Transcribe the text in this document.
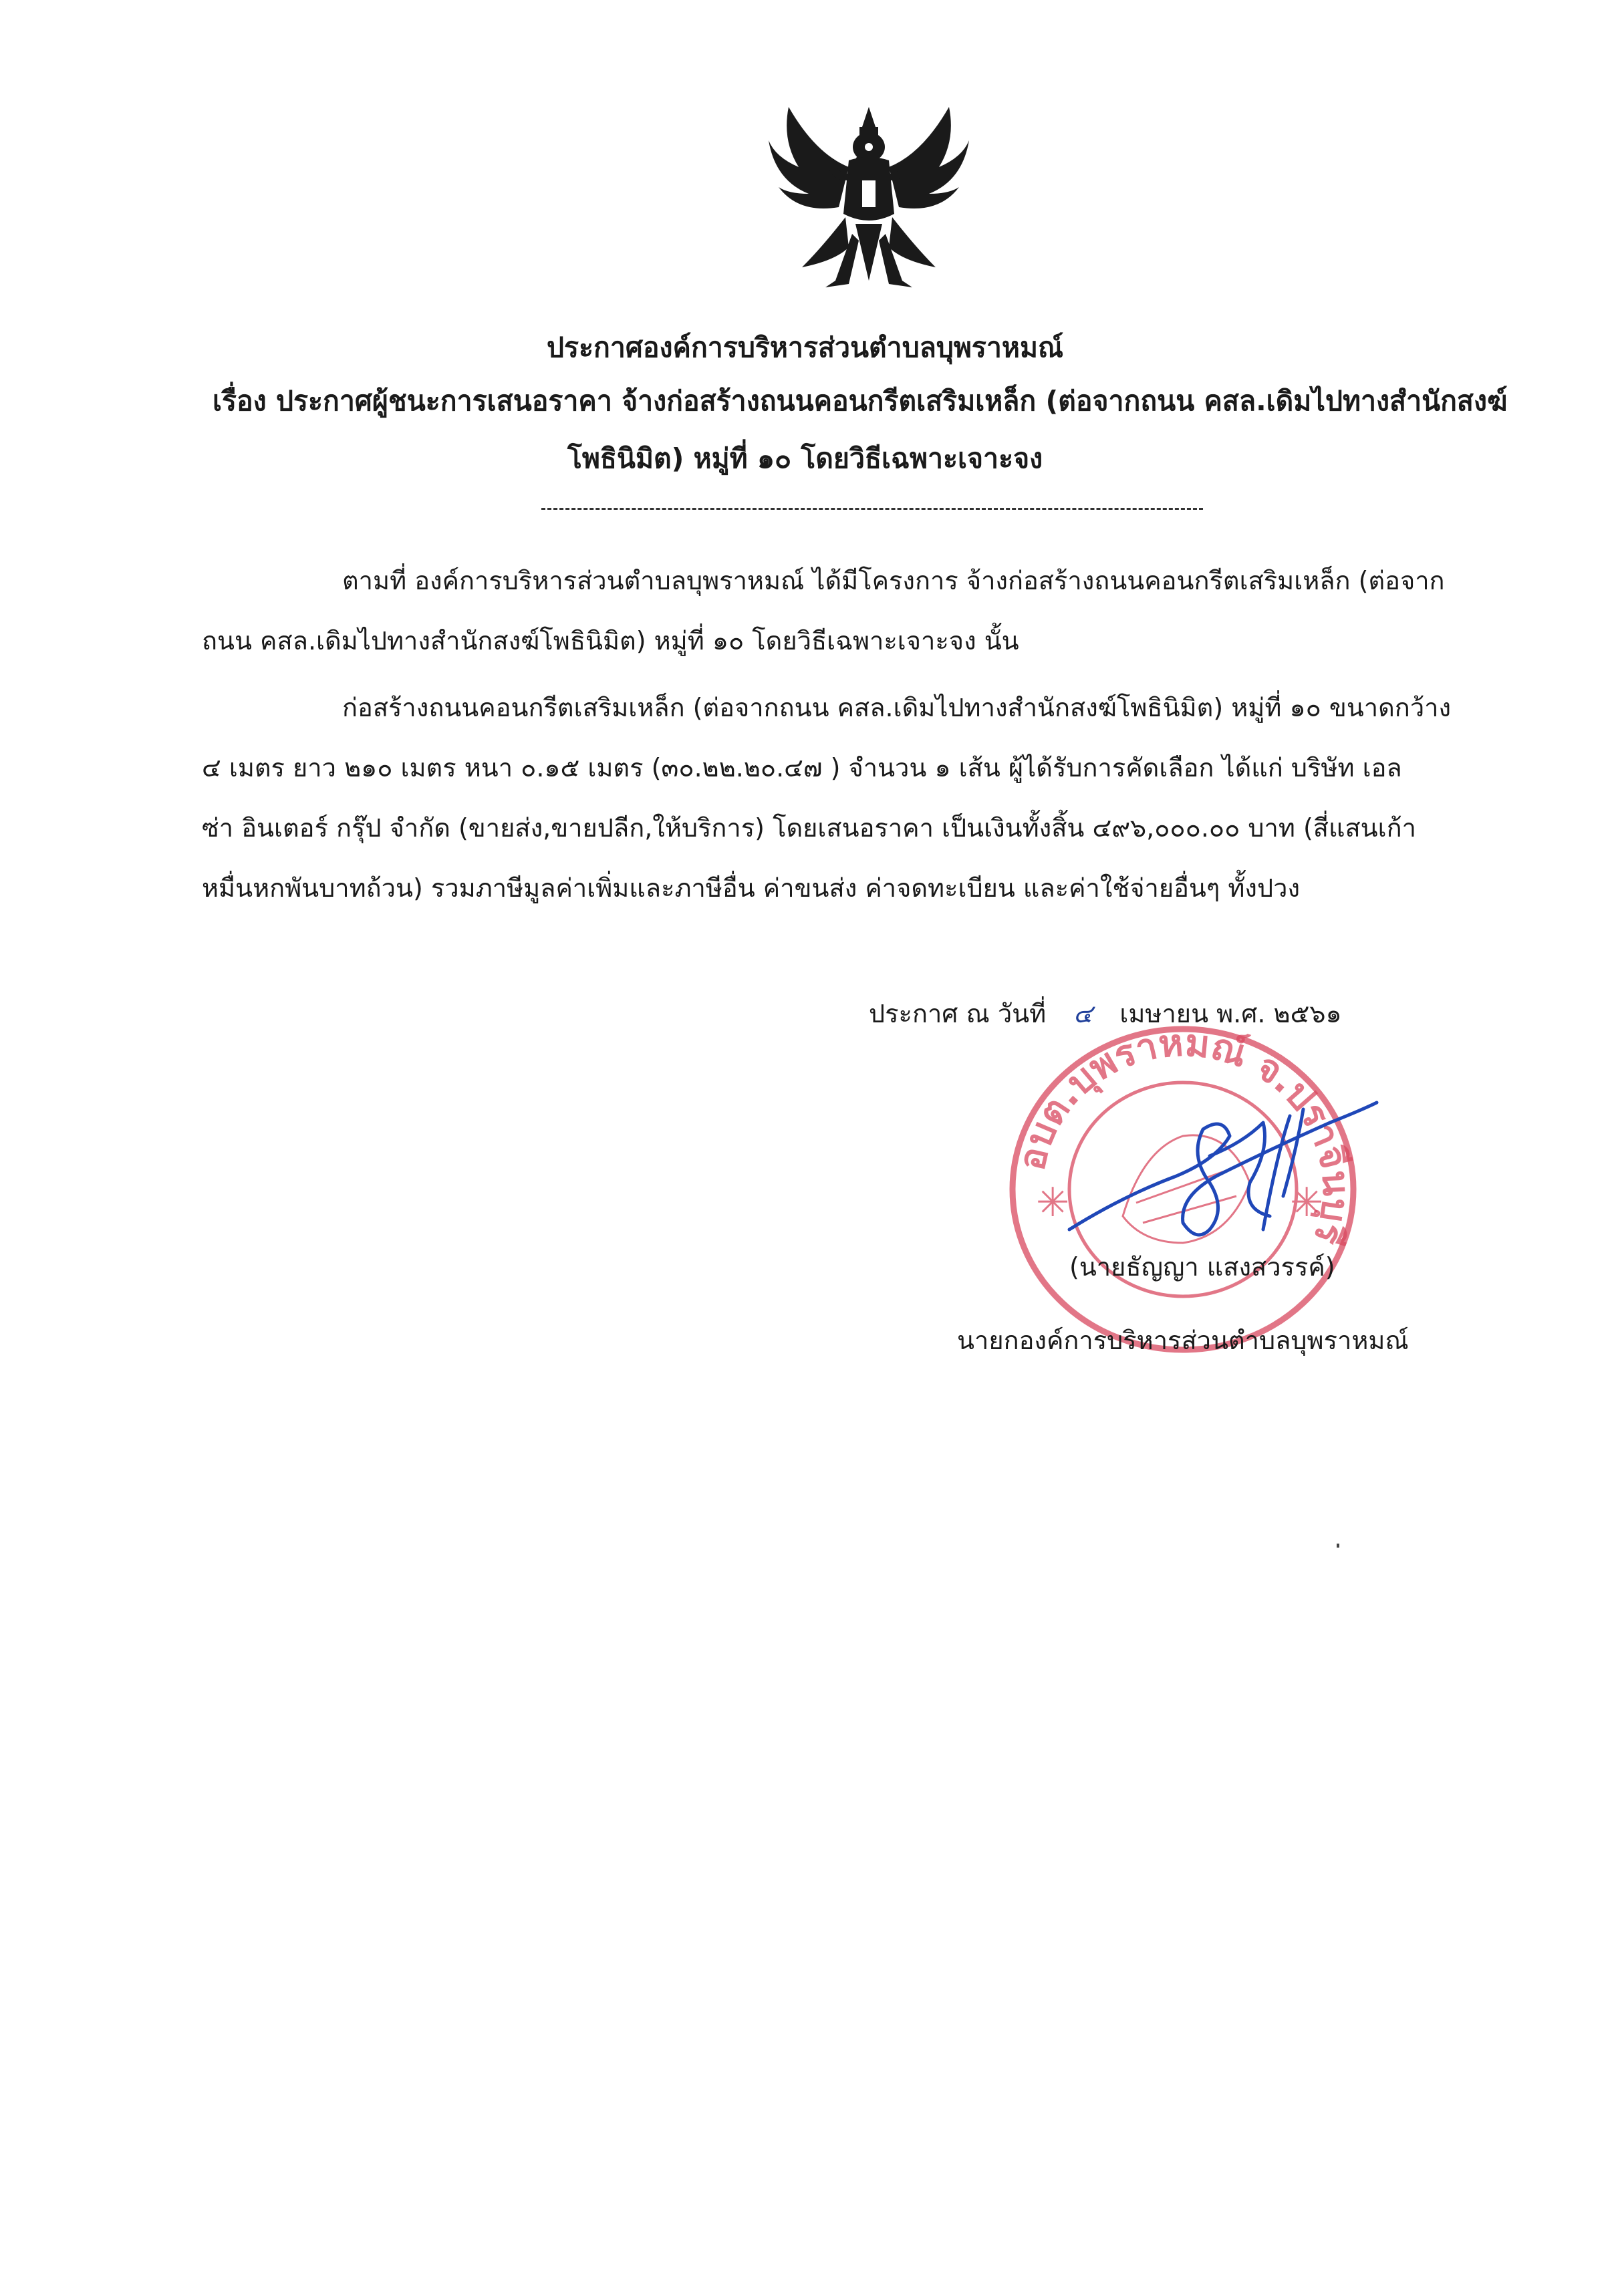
ประกาศองค์การบริหารส่วนตำบลบุพราหมณ์
เรื่อง ประกาศผู้ชนะการเสนอราคา จ้างก่อสร้างถนนคอนกรีตเสริมเหล็ก (ต่อจากถนน คสล.เดิมไปทางสำนักสงฆ์
โพธินิมิต) หมู่ที่ ๑๐ โดยวิธีเฉพาะเจาะจง
ตามที่ องค์การบริหารส่วนตำบลบุพราหมณ์ ได้มีโครงการ จ้างก่อสร้างถนนคอนกรีตเสริมเหล็ก (ต่อจาก
ถนน คสล.เดิมไปทางสำนักสงฆ์โพธินิมิต) หมู่ที่ ๑๐ โดยวิธีเฉพาะเจาะจง นั้น
ก่อสร้างถนนคอนกรีตเสริมเหล็ก (ต่อจากถนน คสล.เดิมไปทางสำนักสงฆ์โพธินิมิต) หมู่ที่ ๑๐ ขนาดกว้าง
๔ เมตร ยาว ๒๑๐ เมตร หนา ๐.๑๕ เมตร (๓๐.๒๒.๒๐.๔๗ ) จำนวน ๑ เส้น ผู้ได้รับการคัดเลือก ได้แก่ บริษัท เอล
ซ่า อินเตอร์ กรุ๊ป จำกัด (ขายส่ง,ขายปลีก,ให้บริการ) โดยเสนอราคา เป็นเงินทั้งสิ้น ๔๙๖,๐๐๐.๐๐ บาท (สี่แสนเก้า
หมื่นหกพันบาทถ้วน) รวมภาษีมูลค่าเพิ่มและภาษีอื่น ค่าขนส่ง ค่าจดทะเบียน และค่าใช้จ่ายอื่นๆ ทั้งปวง
✳	✳
อบต.บุพราหมณ์ จ.ปราจีนบุรี
ประกาศ ณ วันที่ ๔ เมษายน พ.ศ. ๒๕๖๑
(นายธัญญา แสงสวรรค์)
นายกองค์การบริหารส่วนตำบลบุพราหมณ์
